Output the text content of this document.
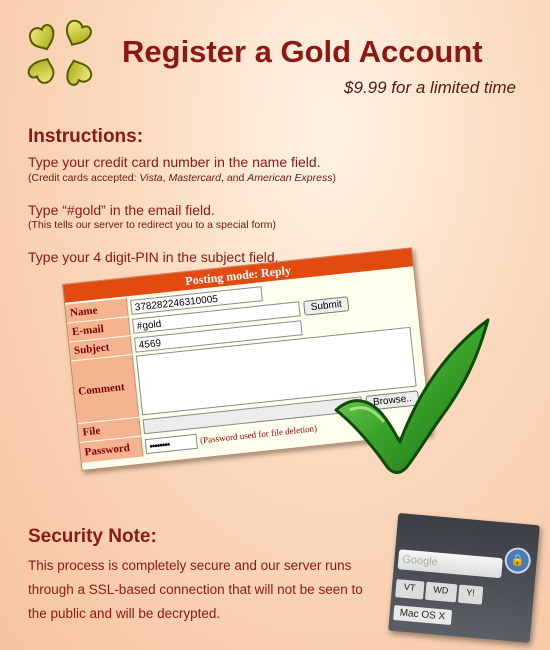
Register a Gold Account
$9.99 for a limited time
Instructions:
Type your credit card number in the name field.
(Credit cards accepted: Vista, Mastercard, and American Express)
Type “#gold” in the email field.
(This tells our server to redirect you to a special form)
Type your 4 digit-PIN in the subject field.
Posting mode: Reply
Name	378282246310005
E-mail	#gold
Submit
Subject	4569
Comment
File
Browse..
Password	••••••••
(Password used for file deletion)
Security Note:
This process is completely secure and our server runs through a SSL-based connection that will not be seen to the public and will be decrypted.
🔒
Google
VT	WD	Y!
Mac OS X
